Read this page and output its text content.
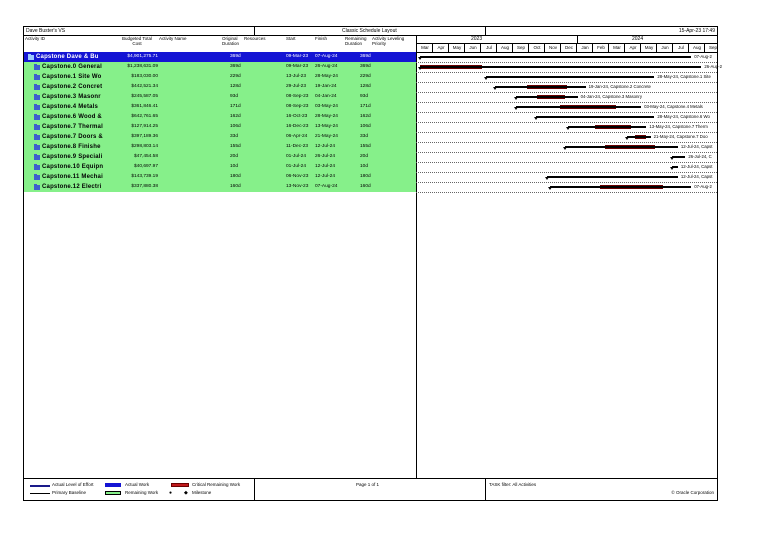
Dave Buster's VS	Classic Schedule Layout	15-Apr-23 17:49
Activity ID	Budgeted Total
Cost
Activity Name	Original
Duration
Resources	Start	Finish	Remaining
Duration
Activity Leveling
Priority
2023	2024
Mar	Apr	May	Jun	Jul	Aug	Sep	Oct	Nov	Dec	Jan	Feb	Mar	Apr	May	Jun	Jul	Aug	Sep
Capstone Dave & Bu	$4,901,275.71	369d	09-Mar-23	07-Aug-24	369d
Capstone.0 General	$1,238,631.09	369d	09-Mar-23	26-Aug-24	369d
Capstone.1 Site Wo	$183,030.00	229d	13-Jul-23	28-May-24	229d
Capstone.2 Concret	$442,521.34	128d	29-Jul-23	19-Jan-24	128d
Capstone.3 Masonr	$245,587.05	93d	08-Sep-23	04-Jan-24	93d
Capstone.4 Metals	$361,846.41	171d	08-Sep-23	03-May-24	171d
Capstone.6 Wood &	$642,761.65	162d	16-Oct-23	28-May-24	162d
Capstone.7 Thermal	$127,914.25	106d	16-Dec-23	13-May-24	106d
Capstone.7 Doors &	$397,189.36	33d	06-Apr-24	21-May-24	33d
Capstone.8 Finishe	$298,803.14	155d	11-Dec-23	12-Jul-24	155d
Capstone.9 Speciali	$47,454.58	20d	01-Jul-24	26-Jul-24	20d
Capstone.10 Equipn	$40,697.97	10d	01-Jul-24	12-Jul-24	10d
Capstone.11 Mechai	$143,739.19	180d	06-Nov-23	12-Jul-24	180d
Capstone.12 Electri	$337,880.38	160d	13-Nov-23	07-Aug-24	160d
07-Aug-2
26-Aug-2
28-May-24, Capstone.1 Site
19-Jan-24, Capstone.2 Concrete
04-Jan-24, Capstone.3 Masonry
03-May-24, Capstone.4 Metals
28-May-24, Capstone.6 Wo
13-May-24, Capstone.7 Therm
21-May-24, Capstone.7 Doo
12-Jul-24, Capst
26-Jul-24, C
12-Jul-24, Capst
12-Jul-24, Capst
07-Aug-2
Actual Level of Effort
Primary Baseline
Actual Work
Remaining Work ●
Critical Remaining Work
◆ Milestone
Page 1 of 1	TASK filter: All Activities
© Oracle Corporation
